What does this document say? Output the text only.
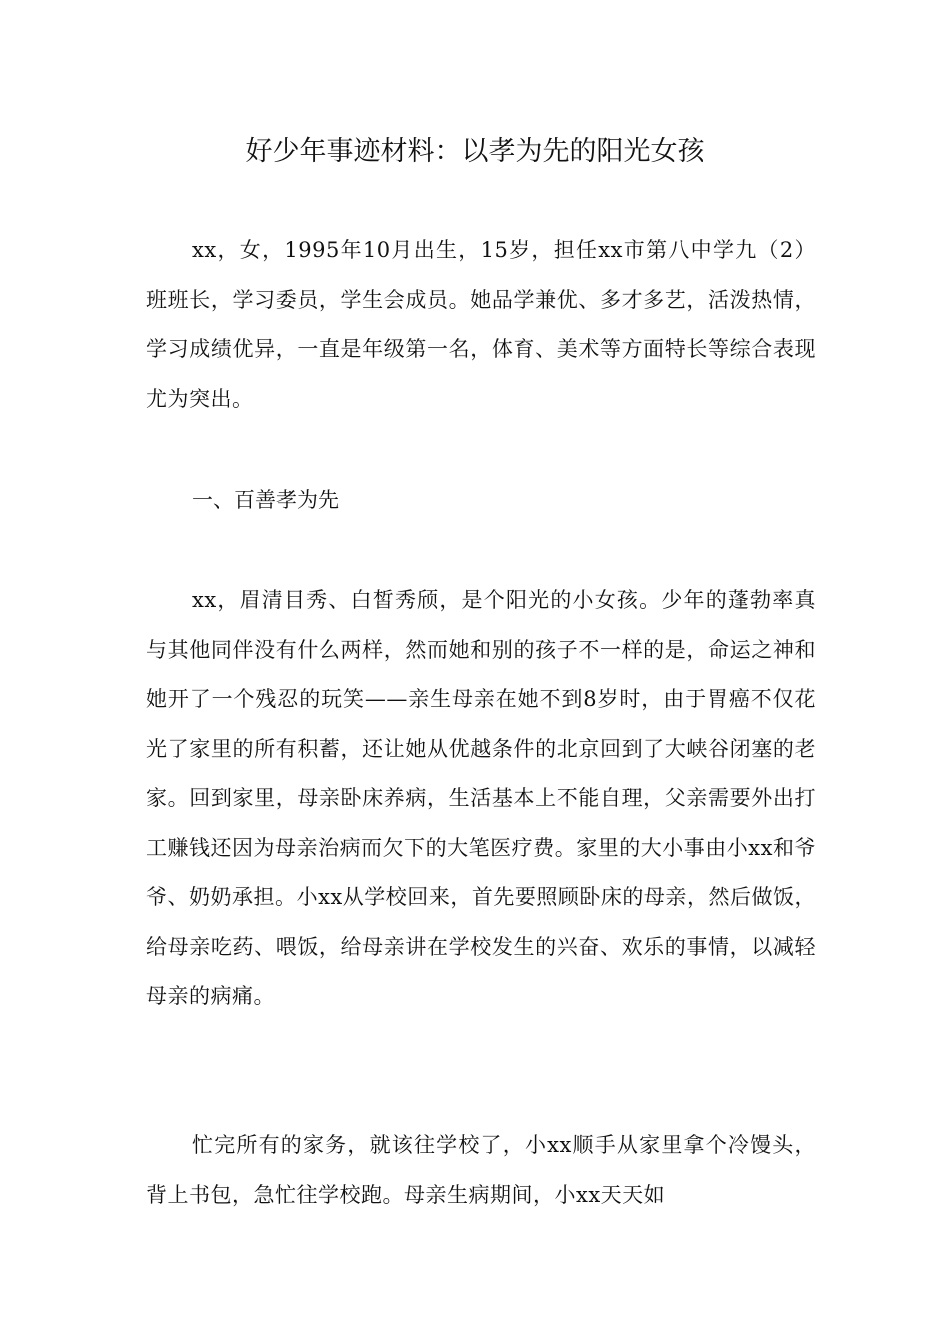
好少年事迹材料：以孝为先的阳光女孩

xx，女，1995年10月出生，15岁，担任xx市第八中学九（2）班班长，学习委员，学生会成员。她品学兼优、多才多艺，活泼热情，学习成绩优异，一直是年级第一名，体育、美术等方面特长等综合表现尤为突出。

一、百善孝为先

xx，眉清目秀、白皙秀颀，是个阳光的小女孩。少年的蓬勃率真与其他同伴没有什么两样，然而她和别的孩子不一样的是，命运之神和她开了一个残忍的玩笑——亲生母亲在她不到8岁时，由于胃癌不仅花光了家里的所有积蓄，还让她从优越条件的北京回到了大峡谷闭塞的老家。回到家里，母亲卧床养病，生活基本上不能自理，父亲需要外出打工赚钱还因为母亲治病而欠下的大笔医疗费。家里的大小事由小xx和爷爷、奶奶承担。小xx从学校回来，首先要照顾卧床的母亲，然后做饭，给母亲吃药、喂饭，给母亲讲在学校发生的兴奋、欢乐的事情，以减轻母亲的病痛。

忙完所有的家务，就该往学校了，小xx顺手从家里拿个冷馒头，背上书包，急忙往学校跑。母亲生病期间，小xx天天如
